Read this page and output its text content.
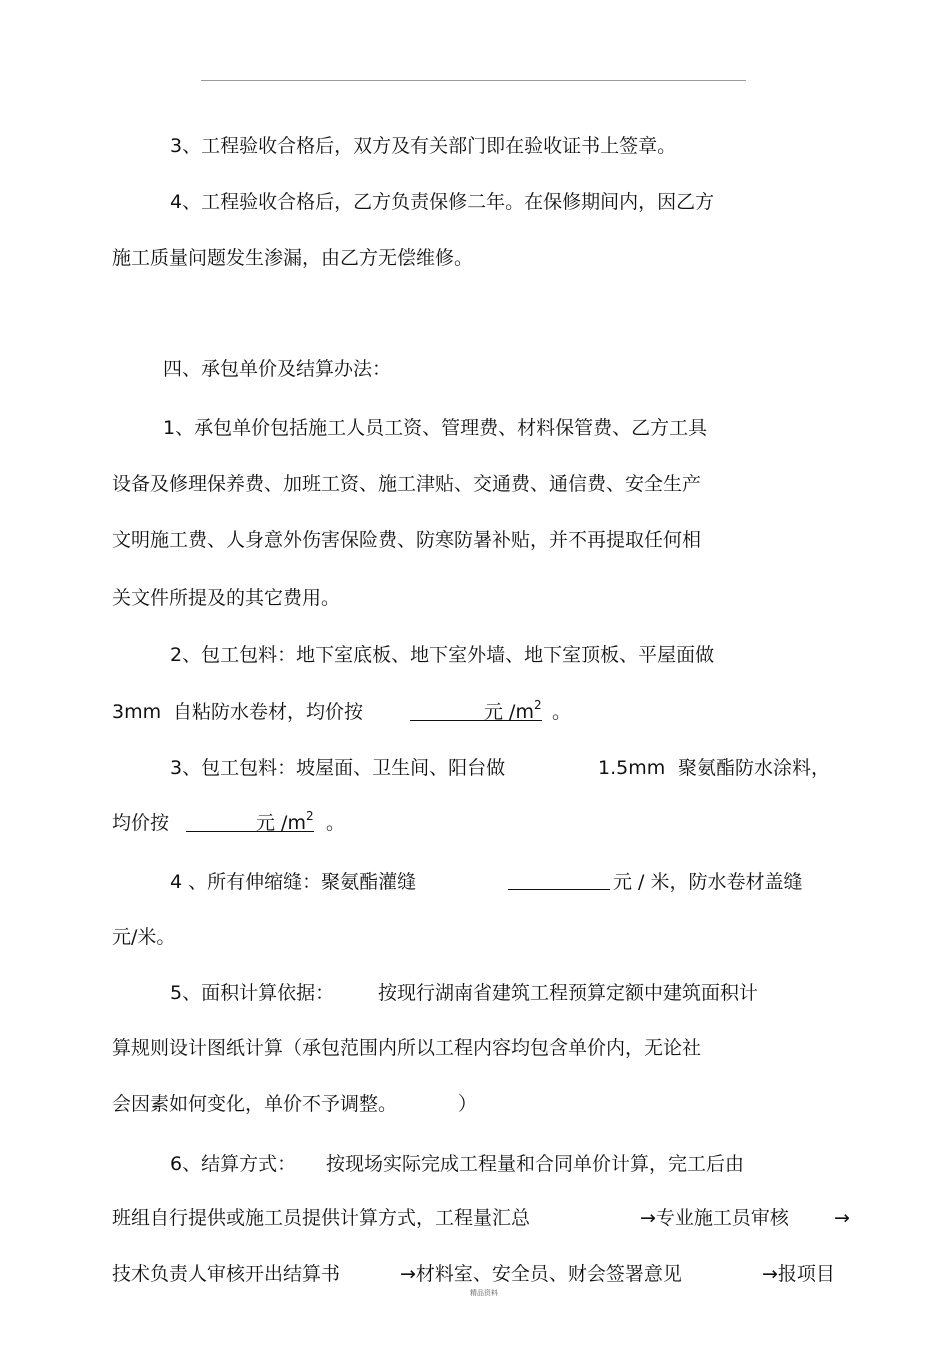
3、工程验收合格后，双方及有关部门即在验收证书上签章。
4、工程验收合格后，乙方负责保修二年。在保修期间内，因乙方
施工质量问题发生渗漏，由乙方无偿维修。
四、承包单价及结算办法：
1、承包单价包括施工人员工资、管理费、材料保管费、乙方工具
设备及修理保养费、加班工资、施工津贴、交通费、通信费、安全生产
文明施工费、人身意外伤害保险费、防寒防暑补贴，并不再提取任何相
关文件所提及的其它费用。
2、包工包料：地下室底板、地下室外墙、地下室顶板、平屋面做
3mm 自粘防水卷材，均价按	元 $/m^2$ 。
3、包工包料：坡屋面、卫生间、阳台做	1.5mm 聚氨酯防水涂料，
均价按	元 $/m^2$ 。
4 、所有伸缩缝：聚氨酯灌缝	元 / 米，防水卷材盖缝
元/米。
5、面积计算依据： 按现行湖南省建筑工程预算定额中建筑面积计
算规则设计图纸计算（承包范围内所以工程内容均包含单价内，无论社
会因素如何变化，单价不予调整。	）
6、结算方式： 按现场实际完成工程量和合同单价计算，完工后由
班组自行提供或施工员提供计算方式，工程量汇总	→专业施工员审核 →
技术负责人审核开出结算书	→材料室、安全员、财会签署意见	→报项目
精品资料
